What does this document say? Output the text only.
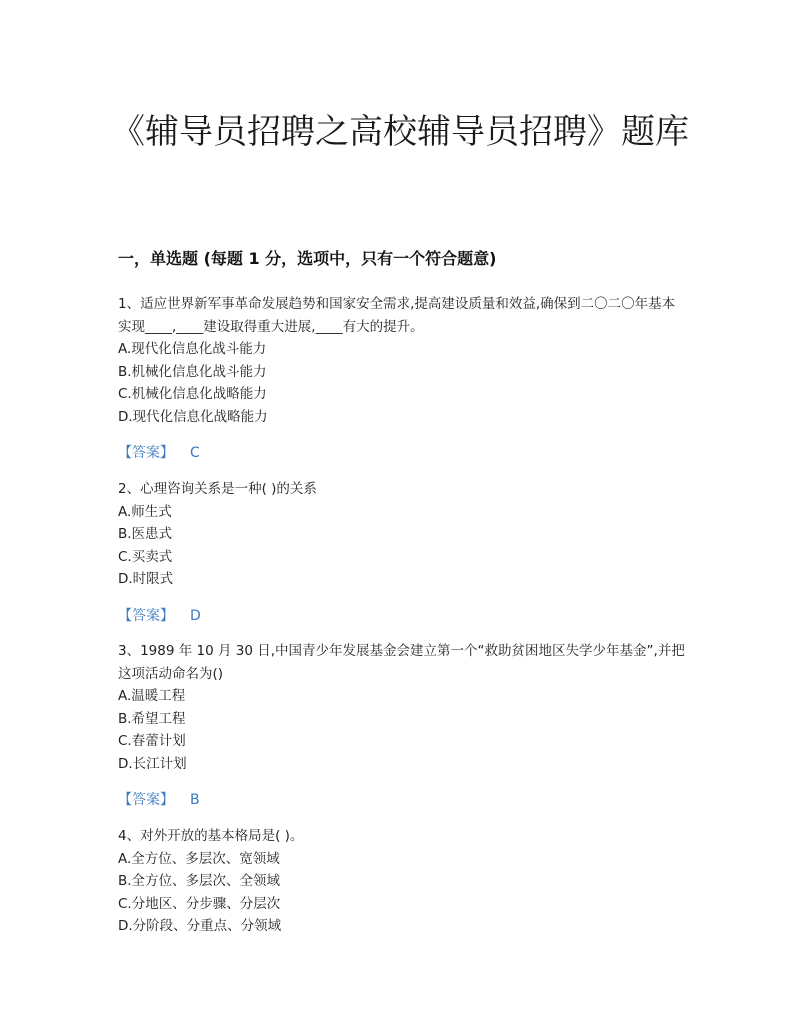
《辅导员招聘之高校辅导员招聘》题库
一，单选题 (每题 1 分，选项中，只有一个符合题意)

1、适应世界新军事革命发展趋势和国家安全需求,提高建设质量和效益,确保到二〇二〇年基本实现____,____建设取得重大进展,____有大的提升。

A.现代化信息化战斗能力

B.机械化信息化战斗能力

C.机械化信息化战略能力

D.现代化信息化战略能力

【答案】 C

2、心理咨询关系是一种( )的关系

A.师生式

B.医患式

C.买卖式

D.时限式

【答案】 D

3、1989 年 10 月 30 日,中国青少年发展基金会建立第一个“救助贫困地区失学少年基金”,并把这项活动命名为()

A.温暖工程

B.希望工程

C.春蕾计划

D.长江计划

【答案】 B

4、对外开放的基本格局是( )。

A.全方位、多层次、宽领域

B.全方位、多层次、全领域

C.分地区、分步骤、分层次

D.分阶段、分重点、分领域
